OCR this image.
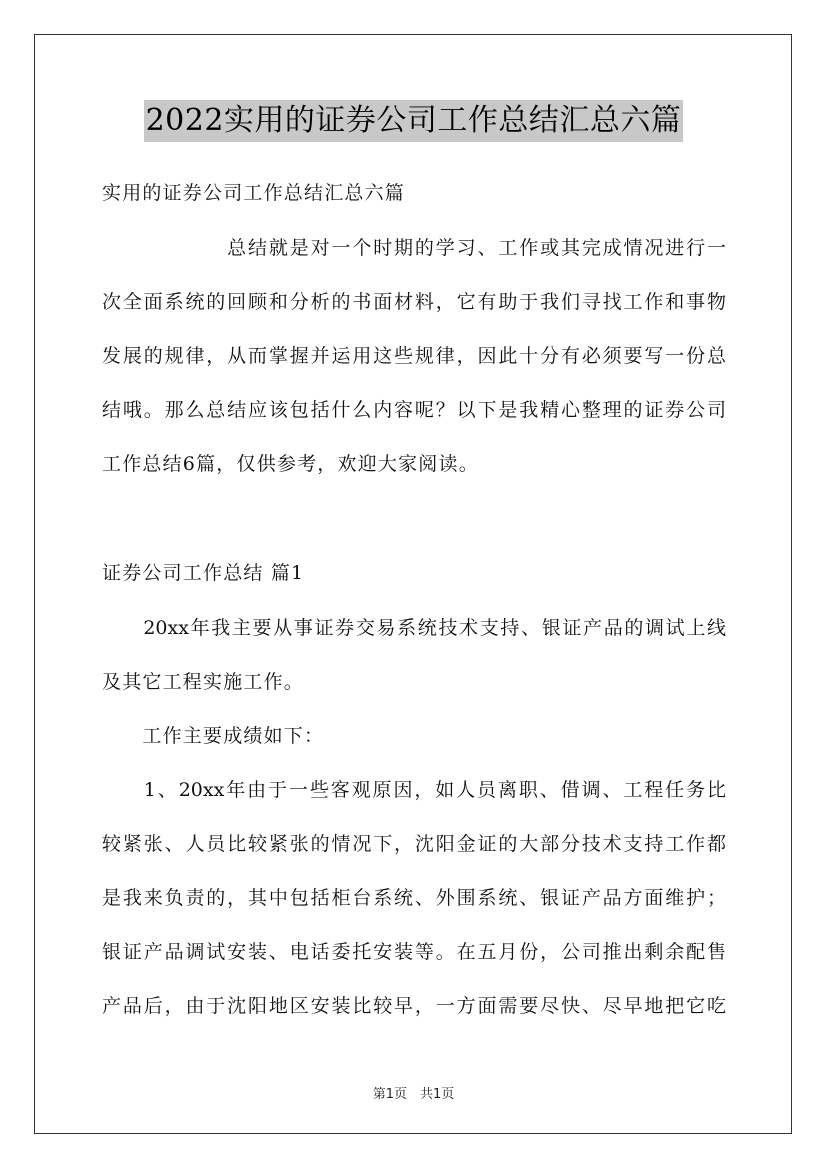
2022实用的证券公司工作总结汇总六篇
实用的证券公司工作总结汇总六篇
　　　　　　总结就是对一个时期的学习、工作或其完成情况进行一
次全面系统的回顾和分析的书面材料，它有助于我们寻找工作和事物
发展的规律，从而掌握并运用这些规律，因此十分有必须要写一份总
结哦。那么总结应该包括什么内容呢？以下是我精心整理的证券公司
工作总结6篇，仅供参考，欢迎大家阅读。
证券公司工作总结 篇1
　　20xx年我主要从事证券交易系统技术支持、银证产品的调试上线
及其它工程实施工作。
　　工作主要成绩如下：
　　1、20xx年由于一些客观原因，如人员离职、借调、工程任务比
较紧张、人员比较紧张的情况下，沈阳金证的大部分技术支持工作都
是我来负责的，其中包括柜台系统、外围系统、银证产品方面维护；
银证产品调试安装、电话委托安装等。在五月份，公司推出剩余配售
产品后，由于沈阳地区安装比较早，一方面需要尽快、尽早地把它吃
第1页　共1页
